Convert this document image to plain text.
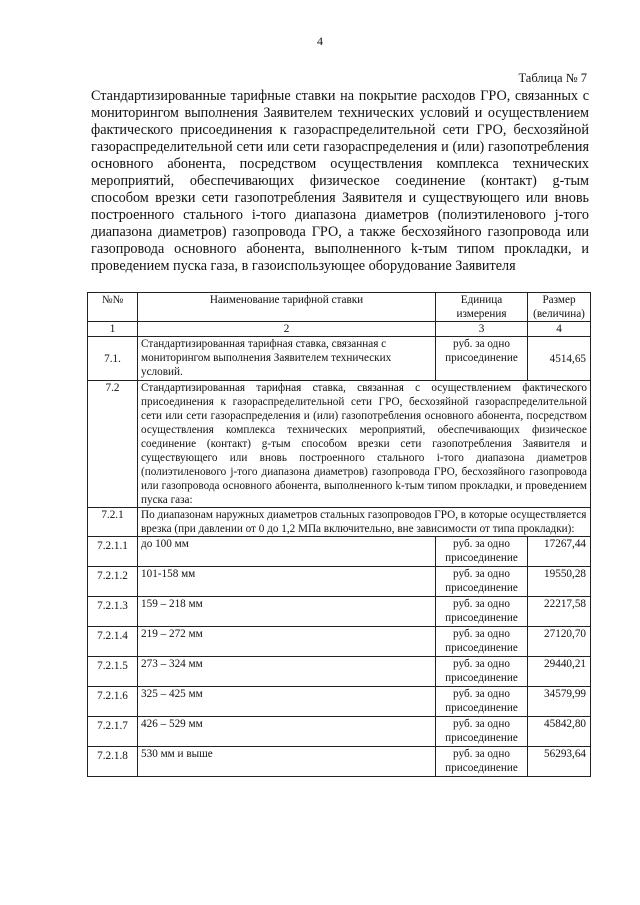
4
Таблица № 7
Стандартизированные тарифные ставки на покрытие расходов ГРО, связанных с мониторингом выполнения Заявителем технических условий и осуществлением фактического присоединения к газораспределительной сети ГРО, бесхозяйной газораспределительной сети или сети газораспределения и (или) газопотребления основного абонента, посредством осуществления комплекса технических мероприятий, обеспечивающих физическое соединение (контакт) g-тым способом врезки сети газопотребления Заявителя и существующего или вновь построенного стального i-того диапазона диаметров (полиэтиленового j-того диапазона диаметров) газопровода ГРО, а также бесхозяйного газопровода или газопровода основного абонента, выполненного k-тым типом прокладки, и проведением пуска газа, в газоиспользующее оборудование Заявителя
№№	Наименование тарифной ставки	Единица измерения	Размер (величина)
1	2	3	4
7.1.	Стандартизированная тарифная ставка, связанная с мониторингом выполнения Заявителем технических условий.	руб. за одно присоединение	4514,65
7.2	Стандартизированная тарифная ставка, связанная с осуществлением фактического присоединения к газораспределительной сети ГРО, бесхозяйной газораспределительной сети или сети газораспределения и (или) газопотребления основного абонента, посредством осуществления комплекса технических мероприятий, обеспечивающих физическое соединение (контакт) g-тым способом врезки сети газопотребления Заявителя и существующего или вновь построенного стального i-того диапазона диаметров (полиэтиленового j-того диапазона диаметров) газопровода ГРО, бесхозяйного газопровода или газопровода основного абонента, выполненного k-тым типом прокладки, и проведением пуска газа:		
7.2.1	По диапазонам наружных диаметров стальных газопроводов ГРО, в которые осуществляется врезка (при давлении от 0 до 1,2 МПа включительно, вне зависимости от типа прокладки):		
7.2.1.1	до 100 мм	руб. за одно присоединение	17267,44
7.2.1.2	101-158 мм	руб. за одно присоединение	19550,28
7.2.1.3	159 – 218 мм	руб. за одно присоединение	22217,58
7.2.1.4	219 – 272 мм	руб. за одно присоединение	27120,70
7.2.1.5	273 – 324 мм	руб. за одно присоединение	29440,21
7.2.1.6	325 – 425 мм	руб. за одно присоединение	34579,99
7.2.1.7	426 – 529 мм	руб. за одно присоединение	45842,80
7.2.1.8	530 мм и выше	руб. за одно присоединение	56293,64
